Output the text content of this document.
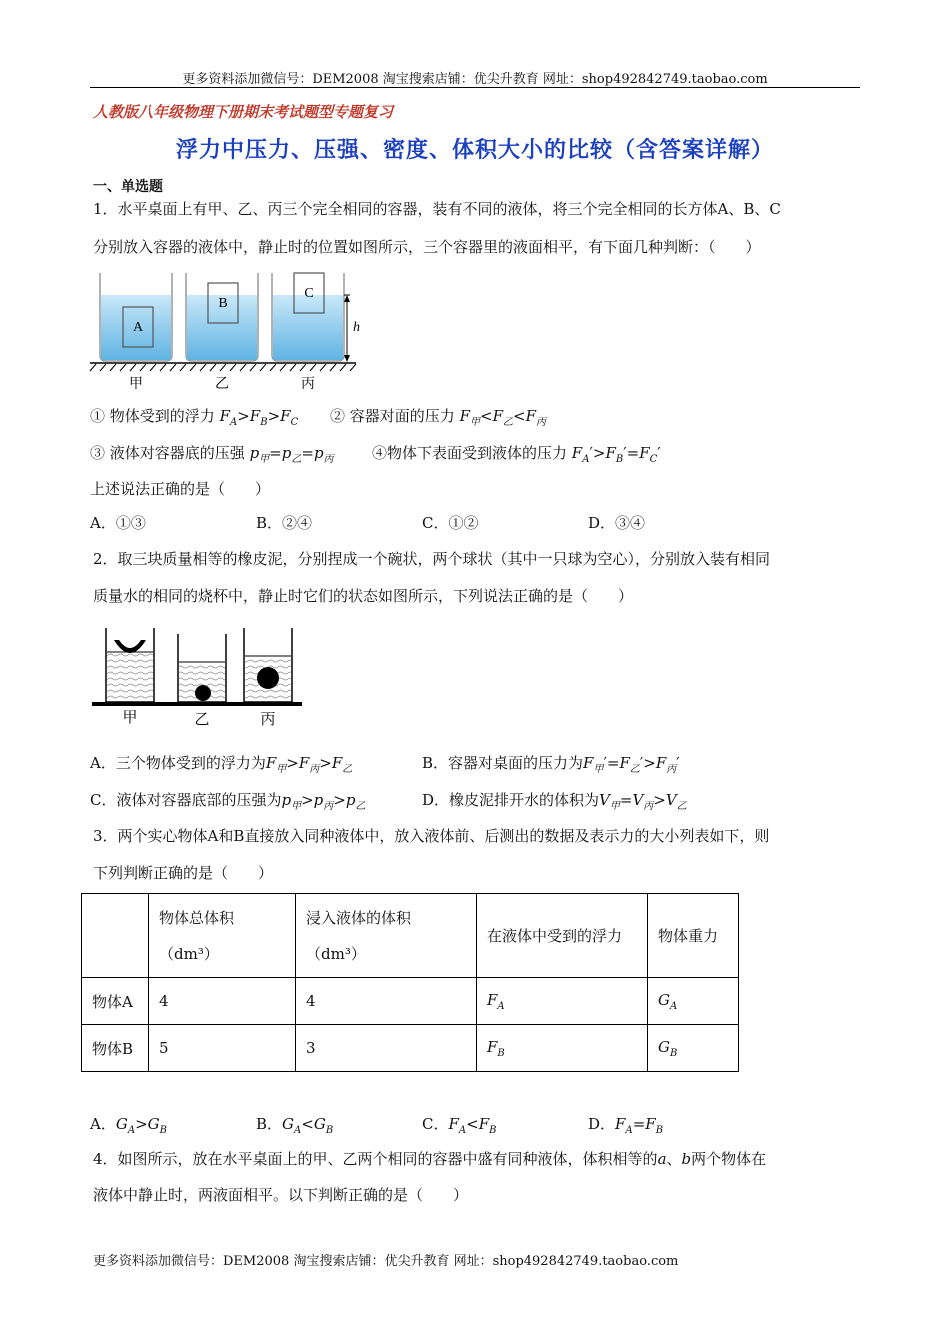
更多资料添加微信号：DEM2008 淘宝搜索店铺：优尖升教育 网址：shop492842749.taobao.com
人教版八年级物理下册期末考试题型专题复习
浮力中压力、压强、密度、体积大小的比较（含答案详解）
一、单选题
1．水平桌面上有甲、乙、丙三个完全相同的容器，装有不同的液体，将三个完全相同的长方体A、B、C
分别放入容器的液体中，静止时的位置如图所示，三个容器里的液面相平，有下面几种判断：（　　）
A
B
C
h
甲	乙	丙
① 物体受到的浮力 $F_A>F_B>F_C$ ② 容器对面的压力 $F_甲<F_乙<F_丙$
③ 液体对容器底的压强 $p_甲=p_乙=p_丙$	④物体下表面受到液体的压力 $F_A'>F_B'=F_C'$
上述说法正确的是（　　）
A．①③	B．②④	C．①②	D．③④
2．取三块质量相等的橡皮泥，分别捏成一个碗状，两个球状（其中一只球为空心），分别放入装有相同
质量水的相同的烧杯中，静止时它们的状态如图所示，下列说法正确的是（　　）
甲	乙	丙
A．三个物体受到的浮力为$F_甲>F_丙>F_乙$	B．容器对桌面的压力为$F_甲'=F_乙'>F_丙'$
C．液体对容器底部的压强为$p_甲>p_丙>p_乙$	D．橡皮泥排开水的体积为$V_甲=V_丙>V_乙$
3．两个实心物体A和B直接放入同种液体中，放入液体前、后测出的数据及表示力的大小列表如下，则
下列判断正确的是（　　）
	物体总体积
（dm³）	浸入液体的体积
（dm³）	在液体中受到的浮力	物体重力
物体A	4	4	$F_A$	$G_A$
物体B	5	3	$F_B$	$G_B$
A．$G_A>G_B$	B．$G_A<G_B$	C．$F_A<F_B$	D．$F_A=F_B$
4．如图所示，放在水平桌面上的甲、乙两个相同的容器中盛有同种液体，体积相等的a、b两个物体在
液体中静止时，两液面相平。以下判断正确的是（　　）
更多资料添加微信号：DEM2008 淘宝搜索店铺：优尖升教育 网址：shop492842749.taobao.com
